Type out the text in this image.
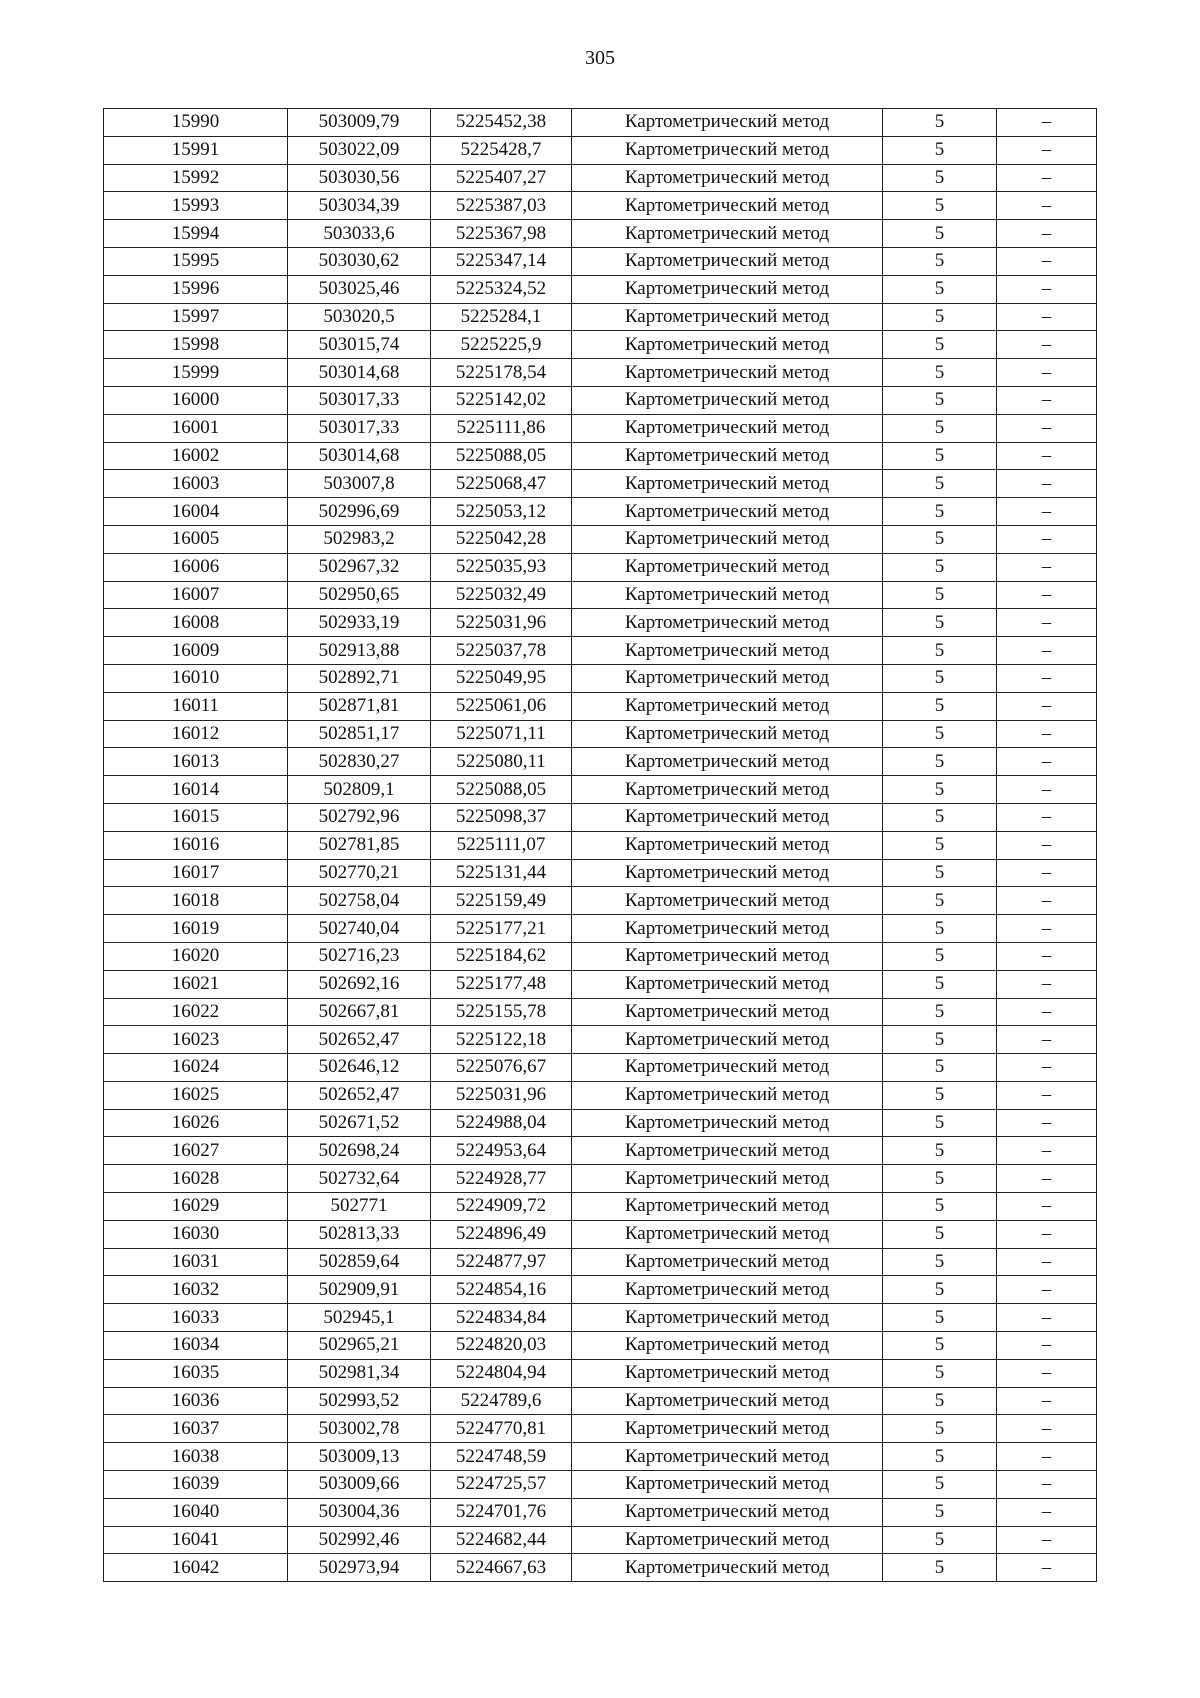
305
15990	503009,79	5225452,38	Картометрический метод	5	–
15991	503022,09	5225428,7	Картометрический метод	5	–
15992	503030,56	5225407,27	Картометрический метод	5	–
15993	503034,39	5225387,03	Картометрический метод	5	–
15994	503033,6	5225367,98	Картометрический метод	5	–
15995	503030,62	5225347,14	Картометрический метод	5	–
15996	503025,46	5225324,52	Картометрический метод	5	–
15997	503020,5	5225284,1	Картометрический метод	5	–
15998	503015,74	5225225,9	Картометрический метод	5	–
15999	503014,68	5225178,54	Картометрический метод	5	–
16000	503017,33	5225142,02	Картометрический метод	5	–
16001	503017,33	5225111,86	Картометрический метод	5	–
16002	503014,68	5225088,05	Картометрический метод	5	–
16003	503007,8	5225068,47	Картометрический метод	5	–
16004	502996,69	5225053,12	Картометрический метод	5	–
16005	502983,2	5225042,28	Картометрический метод	5	–
16006	502967,32	5225035,93	Картометрический метод	5	–
16007	502950,65	5225032,49	Картометрический метод	5	–
16008	502933,19	5225031,96	Картометрический метод	5	–
16009	502913,88	5225037,78	Картометрический метод	5	–
16010	502892,71	5225049,95	Картометрический метод	5	–
16011	502871,81	5225061,06	Картометрический метод	5	–
16012	502851,17	5225071,11	Картометрический метод	5	–
16013	502830,27	5225080,11	Картометрический метод	5	–
16014	502809,1	5225088,05	Картометрический метод	5	–
16015	502792,96	5225098,37	Картометрический метод	5	–
16016	502781,85	5225111,07	Картометрический метод	5	–
16017	502770,21	5225131,44	Картометрический метод	5	–
16018	502758,04	5225159,49	Картометрический метод	5	–
16019	502740,04	5225177,21	Картометрический метод	5	–
16020	502716,23	5225184,62	Картометрический метод	5	–
16021	502692,16	5225177,48	Картометрический метод	5	–
16022	502667,81	5225155,78	Картометрический метод	5	–
16023	502652,47	5225122,18	Картометрический метод	5	–
16024	502646,12	5225076,67	Картометрический метод	5	–
16025	502652,47	5225031,96	Картометрический метод	5	–
16026	502671,52	5224988,04	Картометрический метод	5	–
16027	502698,24	5224953,64	Картометрический метод	5	–
16028	502732,64	5224928,77	Картометрический метод	5	–
16029	502771	5224909,72	Картометрический метод	5	–
16030	502813,33	5224896,49	Картометрический метод	5	–
16031	502859,64	5224877,97	Картометрический метод	5	–
16032	502909,91	5224854,16	Картометрический метод	5	–
16033	502945,1	5224834,84	Картометрический метод	5	–
16034	502965,21	5224820,03	Картометрический метод	5	–
16035	502981,34	5224804,94	Картометрический метод	5	–
16036	502993,52	5224789,6	Картометрический метод	5	–
16037	503002,78	5224770,81	Картометрический метод	5	–
16038	503009,13	5224748,59	Картометрический метод	5	–
16039	503009,66	5224725,57	Картометрический метод	5	–
16040	503004,36	5224701,76	Картометрический метод	5	–
16041	502992,46	5224682,44	Картометрический метод	5	–
16042	502973,94	5224667,63	Картометрический метод	5	–
